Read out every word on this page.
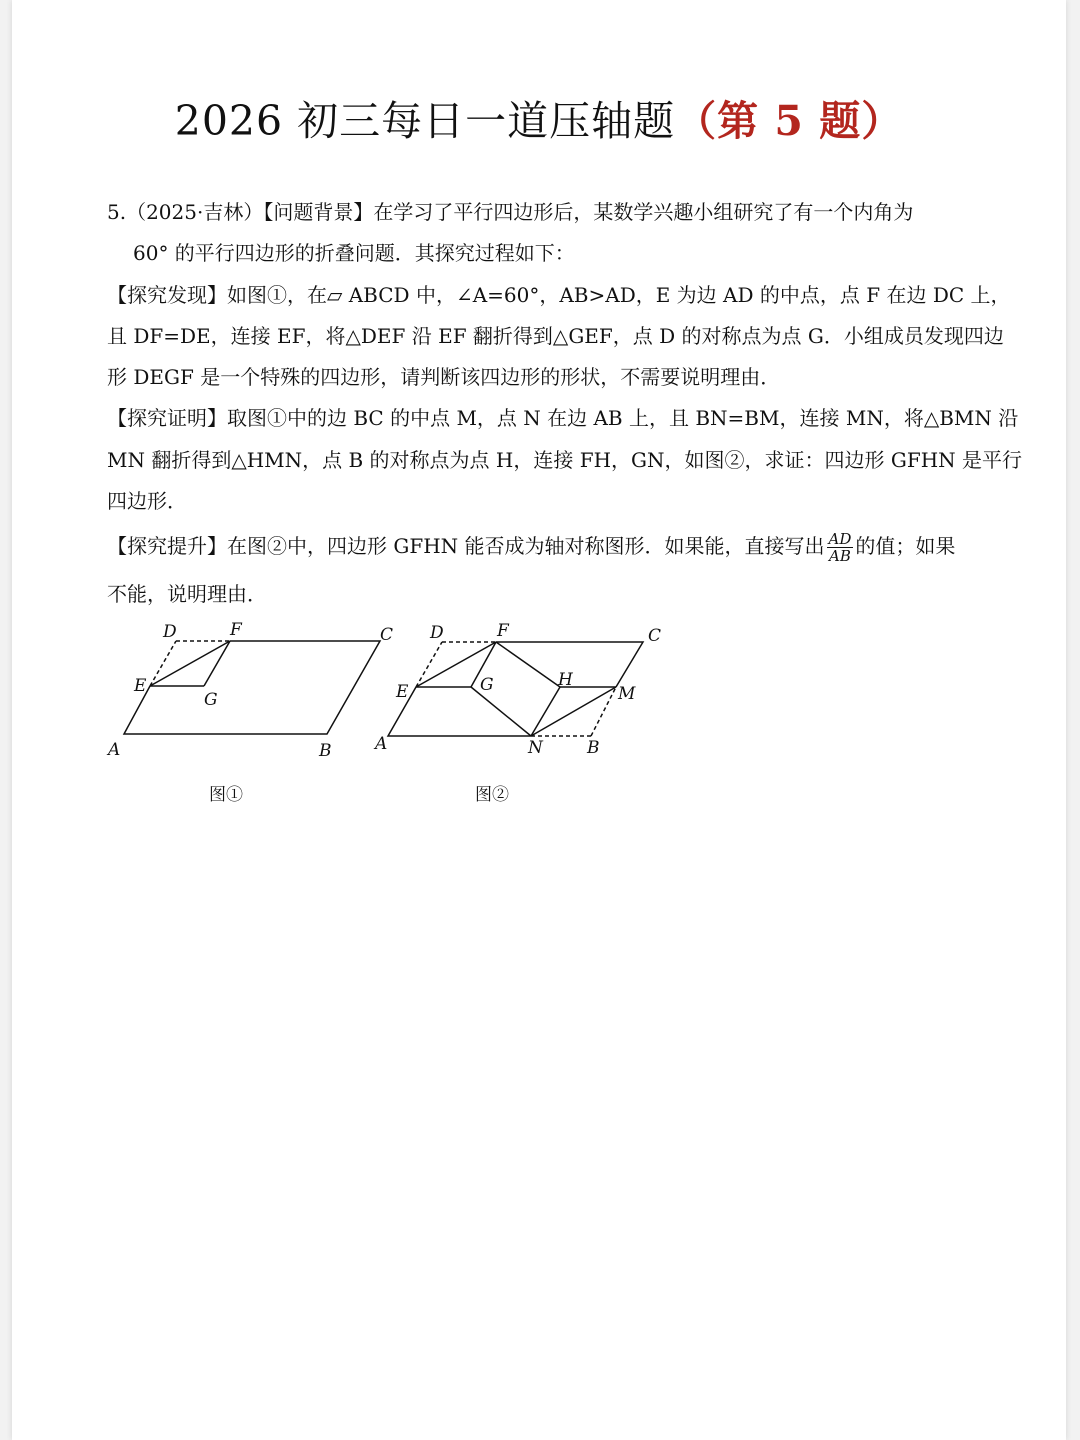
2026 初三每日一道压轴题（第 5 题）
5.（2025·吉林）【问题背景】在学习了平行四边形后，某数学兴趣小组研究了有一个内角为
60° 的平行四边形的折叠问题．其探究过程如下：
【探究发现】如图①，在▱ ABCD 中，∠A=60°，AB>AD，E 为边 AD 的中点，点 F 在边 DC 上，
且 DF=DE，连接 EF，将△DEF 沿 EF 翻折得到△GEF，点 D 的对称点为点 G．小组成员发现四边
形 DEGF 是一个特殊的四边形，请判断该四边形的形状，不需要说明理由．
【探究证明】取图①中的边 BC 的中点 M，点 N 在边 AB 上，且 BN=BM，连接 MN，将△BMN 沿
MN 翻折得到△HMN，点 B 的对称点为点 H，连接 FH，GN，如图②，求证：四边形 GFHN 是平行
四边形．
【探究提升】在图②中，四边形 GFHN 能否成为轴对称图形．如果能，直接写出 $\frac{AD}{AB}$ 的值；如果
不能，说明理由．
D	F	C
E
G
A	B
图①
D	F	C
E	G	H
M
A	N	B
图②
